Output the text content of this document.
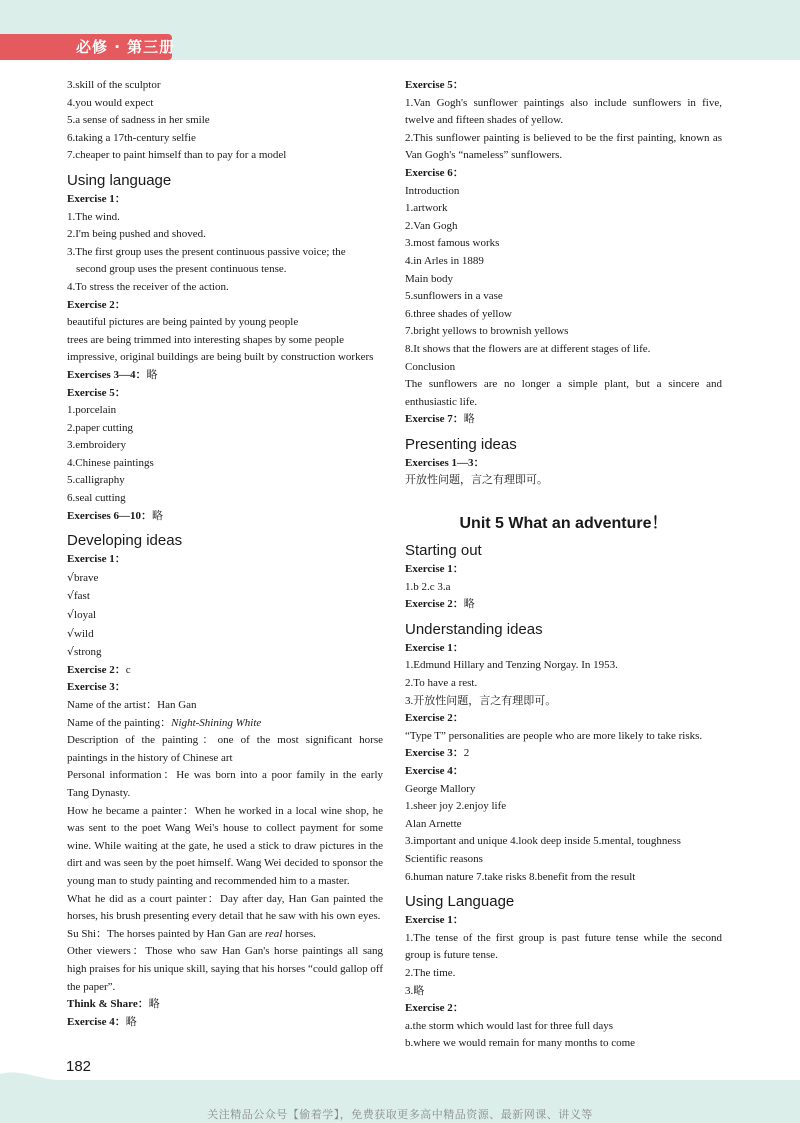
必修 · 第三册
182
关注精品公众号【偷着学】，免费获取更多高中精品资源、最新网课、讲义等
3.skill of the sculptor
4.you would expect
5.a sense of sadness in her smile
6.taking a 17th-century selfie
7.cheaper to paint himself than to pay for a model
Using language
Exercise 1：
1.The wind.
2.I'm being pushed and shoved.
3.The first group uses the present continuous passive voice; the
second group uses the present continuous tense.
4.To stress the receiver of the action.
Exercise 2：
beautiful pictures are being painted by young people
trees are being trimmed into interesting shapes by some people
impressive, original buildings are being built by construction workers
Exercises 3—4：略
Exercise 5：
1.porcelain
2.paper cutting
3.embroidery
4.Chinese paintings
5.calligraphy
6.seal cutting
Exercises 6—10：略
Developing ideas
Exercise 1：
√ brave
√ fast
√ loyal
√ wild
√ strong
Exercise 2：c
Exercise 3：
Name of the artist：Han Gan
Name of the painting：Night-Shining White
Description of the painting：one of the most significant horse paintings in the history of Chinese art
Personal information：He was born into a poor family in the early Tang Dynasty.
How he became a painter：When he worked in a local wine shop, he was sent to the poet Wang Wei's house to collect payment for some wine. While waiting at the gate, he used a stick to draw pictures in the dirt and was seen by the poet himself. Wang Wei decided to sponsor the young man to study painting and recommended him to a master.
What he did as a court painter：Day after day, Han Gan painted the horses, his brush presenting every detail that he saw with his own eyes.
Su Shi：The horses painted by Han Gan are real horses.
Other viewers：Those who saw Han Gan's horse paintings all sang high praises for his unique skill, saying that his horses “could gallop off the paper”.
Think & Share：略
Exercise 4：略
Exercise 5：
1.Van Gogh's sunflower paintings also include sunflowers in five, twelve and fifteen shades of yellow.
2.This sunflower painting is believed to be the first painting, known as Van Gogh's “nameless” sunflowers.
Exercise 6：
Introduction
1.artwork
2.Van Gogh
3.most famous works
4.in Arles in 1889
Main body
5.sunflowers in a vase
6.three shades of yellow
7.bright yellows to brownish yellows
8.It shows that the flowers are at different stages of life.
Conclusion
The sunflowers are no longer a simple plant, but a sincere and enthusiastic life.
Exercise 7：略
Presenting ideas
Exercises 1—3：
开放性问题，言之有理即可。
Unit 5 What an adventure！
Starting out
Exercise 1：
1.b 2.c 3.a
Exercise 2：略
Understanding ideas
Exercise 1：
1.Edmund Hillary and Tenzing Norgay. In 1953.
2.To have a rest.
3.开放性问题，言之有理即可。
Exercise 2：
“Type T” personalities are people who are more likely to take risks.
Exercise 3：2
Exercise 4：
George Mallory
1.sheer joy 2.enjoy life
Alan Arnette
3.important and unique 4.look deep inside 5.mental, toughness
Scientific reasons
6.human nature 7.take risks 8.benefit from the result
Using Language
Exercise 1：
1.The tense of the first group is past future tense while the second group is future tense.
2.The time.
3.略
Exercise 2：
a.the storm which would last for three full days
b.where we would remain for many months to come
